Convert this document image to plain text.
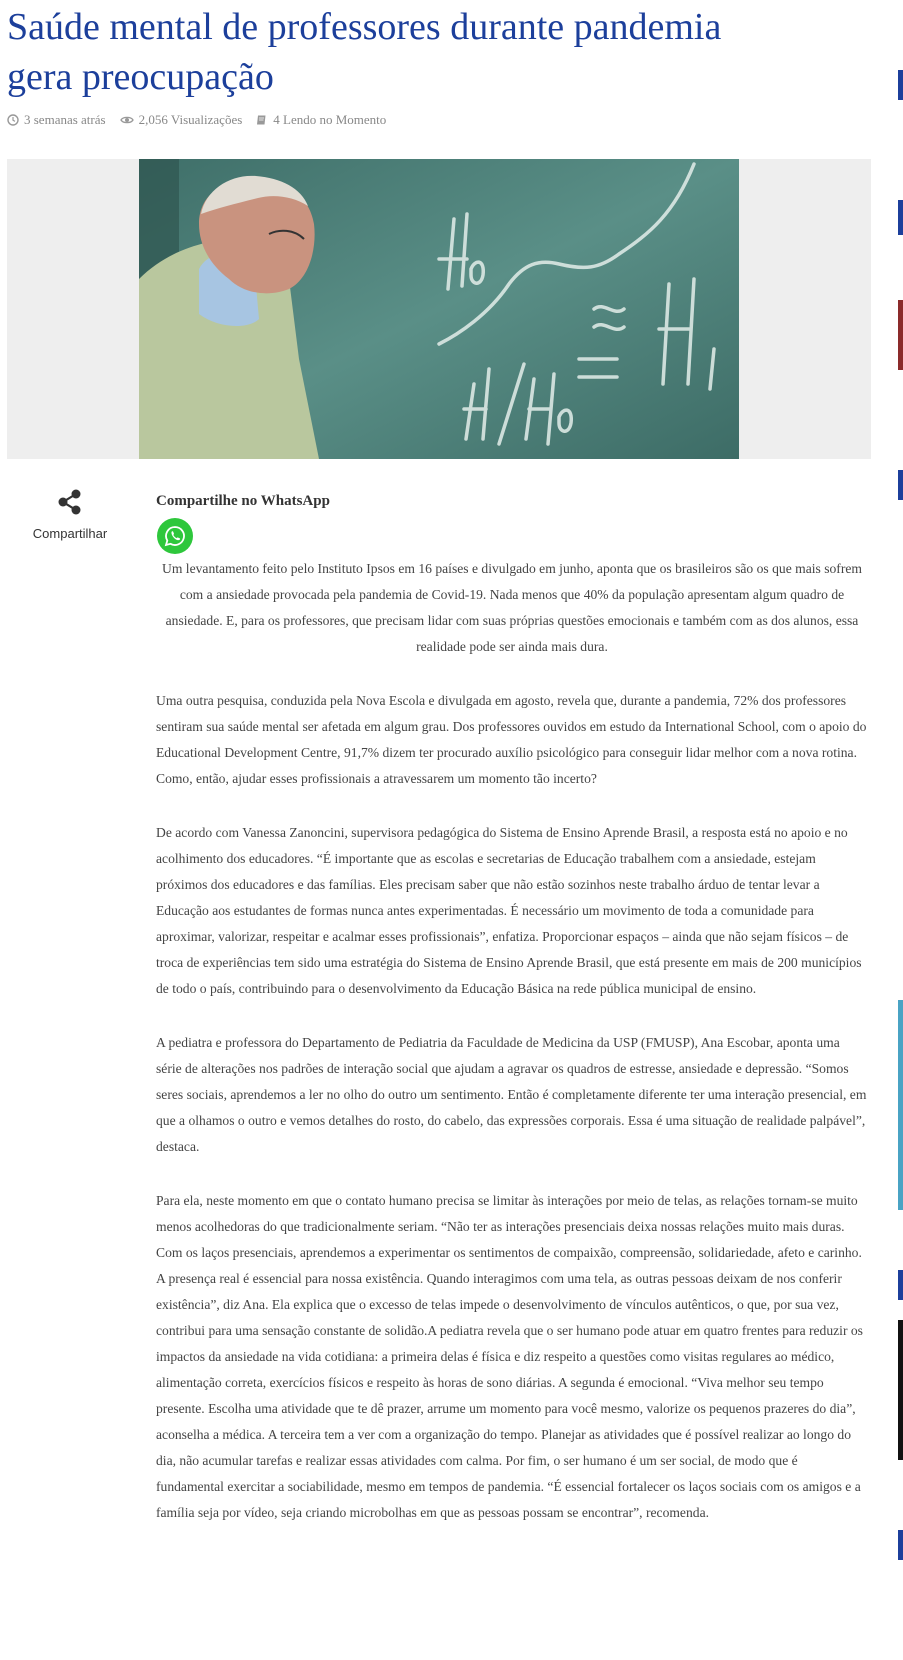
Saúde mental de professores durante pandemia gera preocupação
3 semanas atrás	2,056 Visualizações 4 Lendo no Momento
Compartilhar
Compartilhe no WhatsApp

Um levantamento feito pelo Instituto Ipsos em 16 países e divulgado em junho, aponta que os brasileiros são os que mais sofrem com a ansiedade provocada pela pandemia de Covid-19. Nada menos que 40% da população apresentam algum quadro de ansiedade. E, para os professores, que precisam lidar com suas próprias questões emocionais e também com as dos alunos, essa realidade pode ser ainda mais dura.

Uma outra pesquisa, conduzida pela Nova Escola e divulgada em agosto, revela que, durante a pandemia, 72% dos professores sentiram sua saúde mental ser afetada em algum grau. Dos professores ouvidos em estudo da International School, com o apoio do Educational Development Centre, 91,7% dizem ter procurado auxílio psicológico para conseguir lidar melhor com a nova rotina. Como, então, ajudar esses profissionais a atravessarem um momento tão incerto?

De acordo com Vanessa Zanoncini, supervisora pedagógica do Sistema de Ensino Aprende Brasil, a resposta está no apoio e no acolhimento dos educadores. “É importante que as escolas e secretarias de Educação trabalhem com a ansiedade, estejam próximos dos educadores e das famílias. Eles precisam saber que não estão sozinhos neste trabalho árduo de tentar levar a Educação aos estudantes de formas nunca antes experimentadas. É necessário um movimento de toda a comunidade para aproximar, valorizar, respeitar e acalmar esses profissionais”, enfatiza. Proporcionar espaços – ainda que não sejam físicos – de troca de experiências tem sido uma estratégia do Sistema de Ensino Aprende Brasil, que está presente em mais de 200 municípios de todo o país, contribuindo para o desenvolvimento da Educação Básica na rede pública municipal de ensino.

A pediatra e professora do Departamento de Pediatria da Faculdade de Medicina da USP (FMUSP), Ana Escobar, aponta uma série de alterações nos padrões de interação social que ajudam a agravar os quadros de estresse, ansiedade e depressão. “Somos seres sociais, aprendemos a ler no olho do outro um sentimento. Então é completamente diferente ter uma interação presencial, em que a olhamos o outro e vemos detalhes do rosto, do cabelo, das expressões corporais. Essa é uma situação de realidade palpável”, destaca.

Para ela, neste momento em que o contato humano precisa se limitar às interações por meio de telas, as relações tornam-se muito menos acolhedoras do que tradicionalmente seriam. “Não ter as interações presenciais deixa nossas relações muito mais duras. Com os laços presenciais, aprendemos a experimentar os sentimentos de compaixão, compreensão, solidariedade, afeto e carinho. A presença real é essencial para nossa existência. Quando interagimos com uma tela, as outras pessoas deixam de nos conferir existência”, diz Ana. Ela explica que o excesso de telas impede o desenvolvimento de vínculos autênticos, o que, por sua vez, contribui para uma sensação constante de solidão.A pediatra revela que o ser humano pode atuar em quatro frentes para reduzir os impactos da ansiedade na vida cotidiana: a primeira delas é física e diz respeito a questões como visitas regulares ao médico, alimentação correta, exercícios físicos e respeito às horas de sono diárias. A segunda é emocional. “Viva melhor seu tempo presente. Escolha uma atividade que te dê prazer, arrume um momento para você mesmo, valorize os pequenos prazeres do dia”, aconselha a médica. A terceira tem a ver com a organização do tempo. Planejar as atividades que é possível realizar ao longo do dia, não acumular tarefas e realizar essas atividades com calma. Por fim, o ser humano é um ser social, de modo que é fundamental exercitar a sociabilidade, mesmo em tempos de pandemia. “É essencial fortalecer os laços sociais com os amigos e a família seja por vídeo, seja criando microbolhas em que as pessoas possam se encontrar”, recomenda.
